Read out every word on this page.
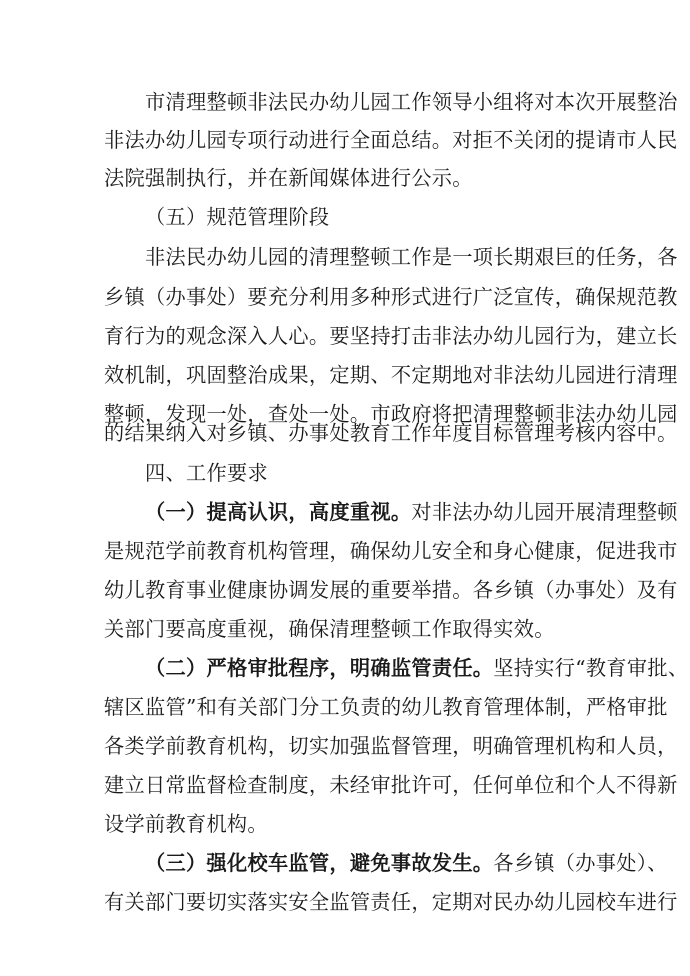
市清理整顿非法民办幼儿园工作领导小组将对本次开展整治
非法办幼儿园专项行动进行全面总结。对拒不关闭的提请市人民
法院强制执行，并在新闻媒体进行公示。
（五）规范管理阶段
非法民办幼儿园的清理整顿工作是一项长期艰巨的任务，各
乡镇（办事处）要充分利用多种形式进行广泛宣传，确保规范教
育行为的观念深入人心。要坚持打击非法办幼儿园行为，建立长
效机制，巩固整治成果，定期、不定期地对非法幼儿园进行清理
整顿，发现一处，查处一处。市政府将把清理整顿非法办幼儿园
的结果纳入对乡镇、办事处教育工作年度目标管理考核内容中。
四、工作要求
（一）提高认识，高度重视。对非法办幼儿园开展清理整顿
是规范学前教育机构管理，确保幼儿安全和身心健康，促进我市
幼儿教育事业健康协调发展的重要举措。各乡镇（办事处）及有
关部门要高度重视，确保清理整顿工作取得实效。
（二）严格审批程序，明确监管责任。坚持实行“教育审批、
辖区监管”和有关部门分工负责的幼儿教育管理体制，严格审批
各类学前教育机构，切实加强监督管理，明确管理机构和人员，
建立日常监督检查制度，未经审批许可，任何单位和个人不得新
设学前教育机构。
（三）强化校车监管，避免事故发生。各乡镇（办事处）、
有关部门要切实落实安全监管责任，定期对民办幼儿园校车进行
